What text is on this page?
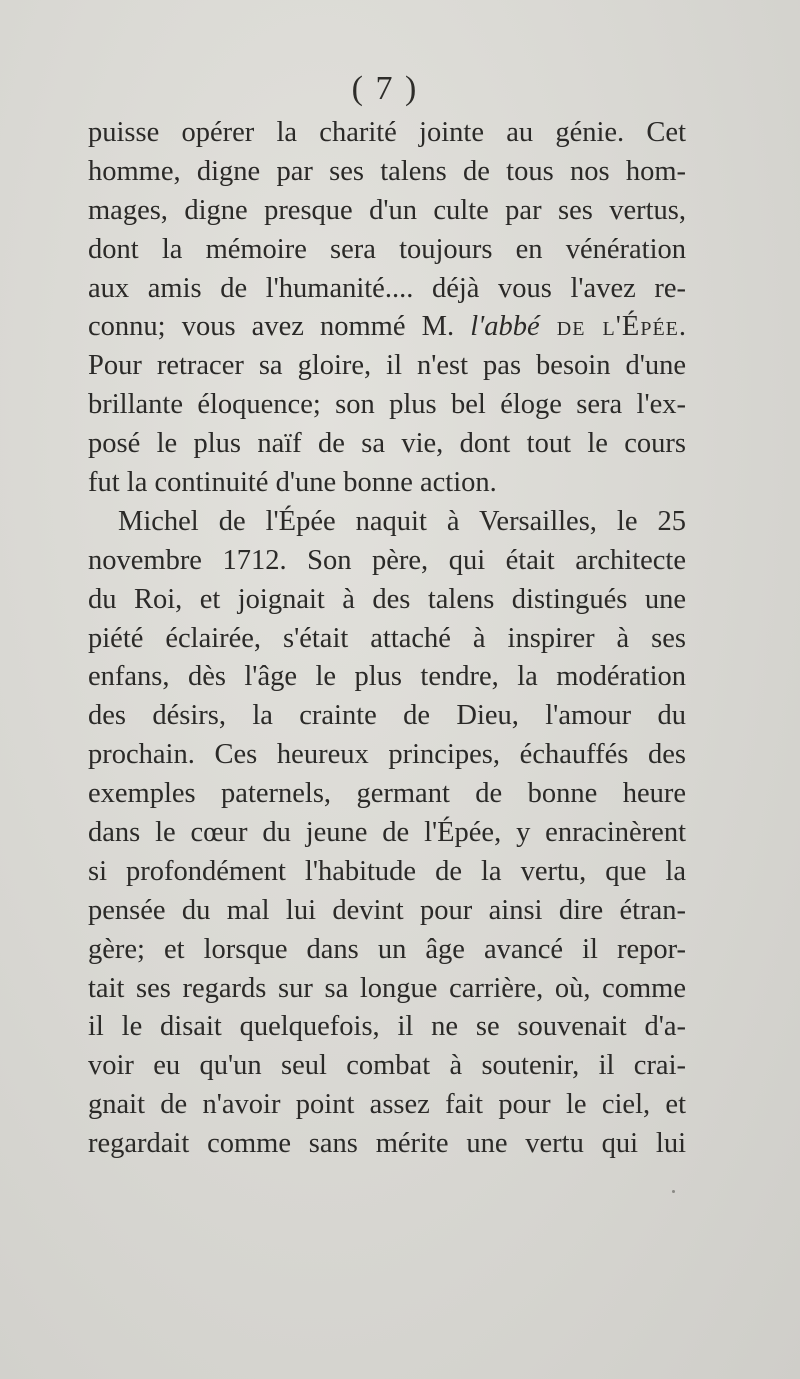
( 7 )
puisse opérer la charité jointe au génie. Cet
homme, digne par ses talens de tous nos hom-
mages, digne presque d'un culte par ses vertus,
dont la mémoire sera toujours en vénération
aux amis de l'humanité.... déjà vous l'avez re-
connu; vous avez nommé M. l'abbé de l'Épée.
Pour retracer sa gloire, il n'est pas besoin d'une
brillante éloquence; son plus bel éloge sera l'ex-
posé le plus naïf de sa vie, dont tout le cours
fut la continuité d'une bonne action.
Michel de l'Épée naquit à Versailles, le 25
novembre 1712. Son père, qui était architecte
du Roi, et joignait à des talens distingués une
piété éclairée, s'était attaché à inspirer à ses
enfans, dès l'âge le plus tendre, la modération
des désirs, la crainte de Dieu, l'amour du
prochain. Ces heureux principes, échauffés des
exemples paternels, germant de bonne heure
dans le cœur du jeune de l'Épée, y enracinèrent
si profondément l'habitude de la vertu, que la
pensée du mal lui devint pour ainsi dire étran-
gère; et lorsque dans un âge avancé il repor-
tait ses regards sur sa longue carrière, où, comme
il le disait quelquefois, il ne se souvenait d'a-
voir eu qu'un seul combat à soutenir, il crai-
gnait de n'avoir point assez fait pour le ciel, et
regardait comme sans mérite une vertu qui lui
